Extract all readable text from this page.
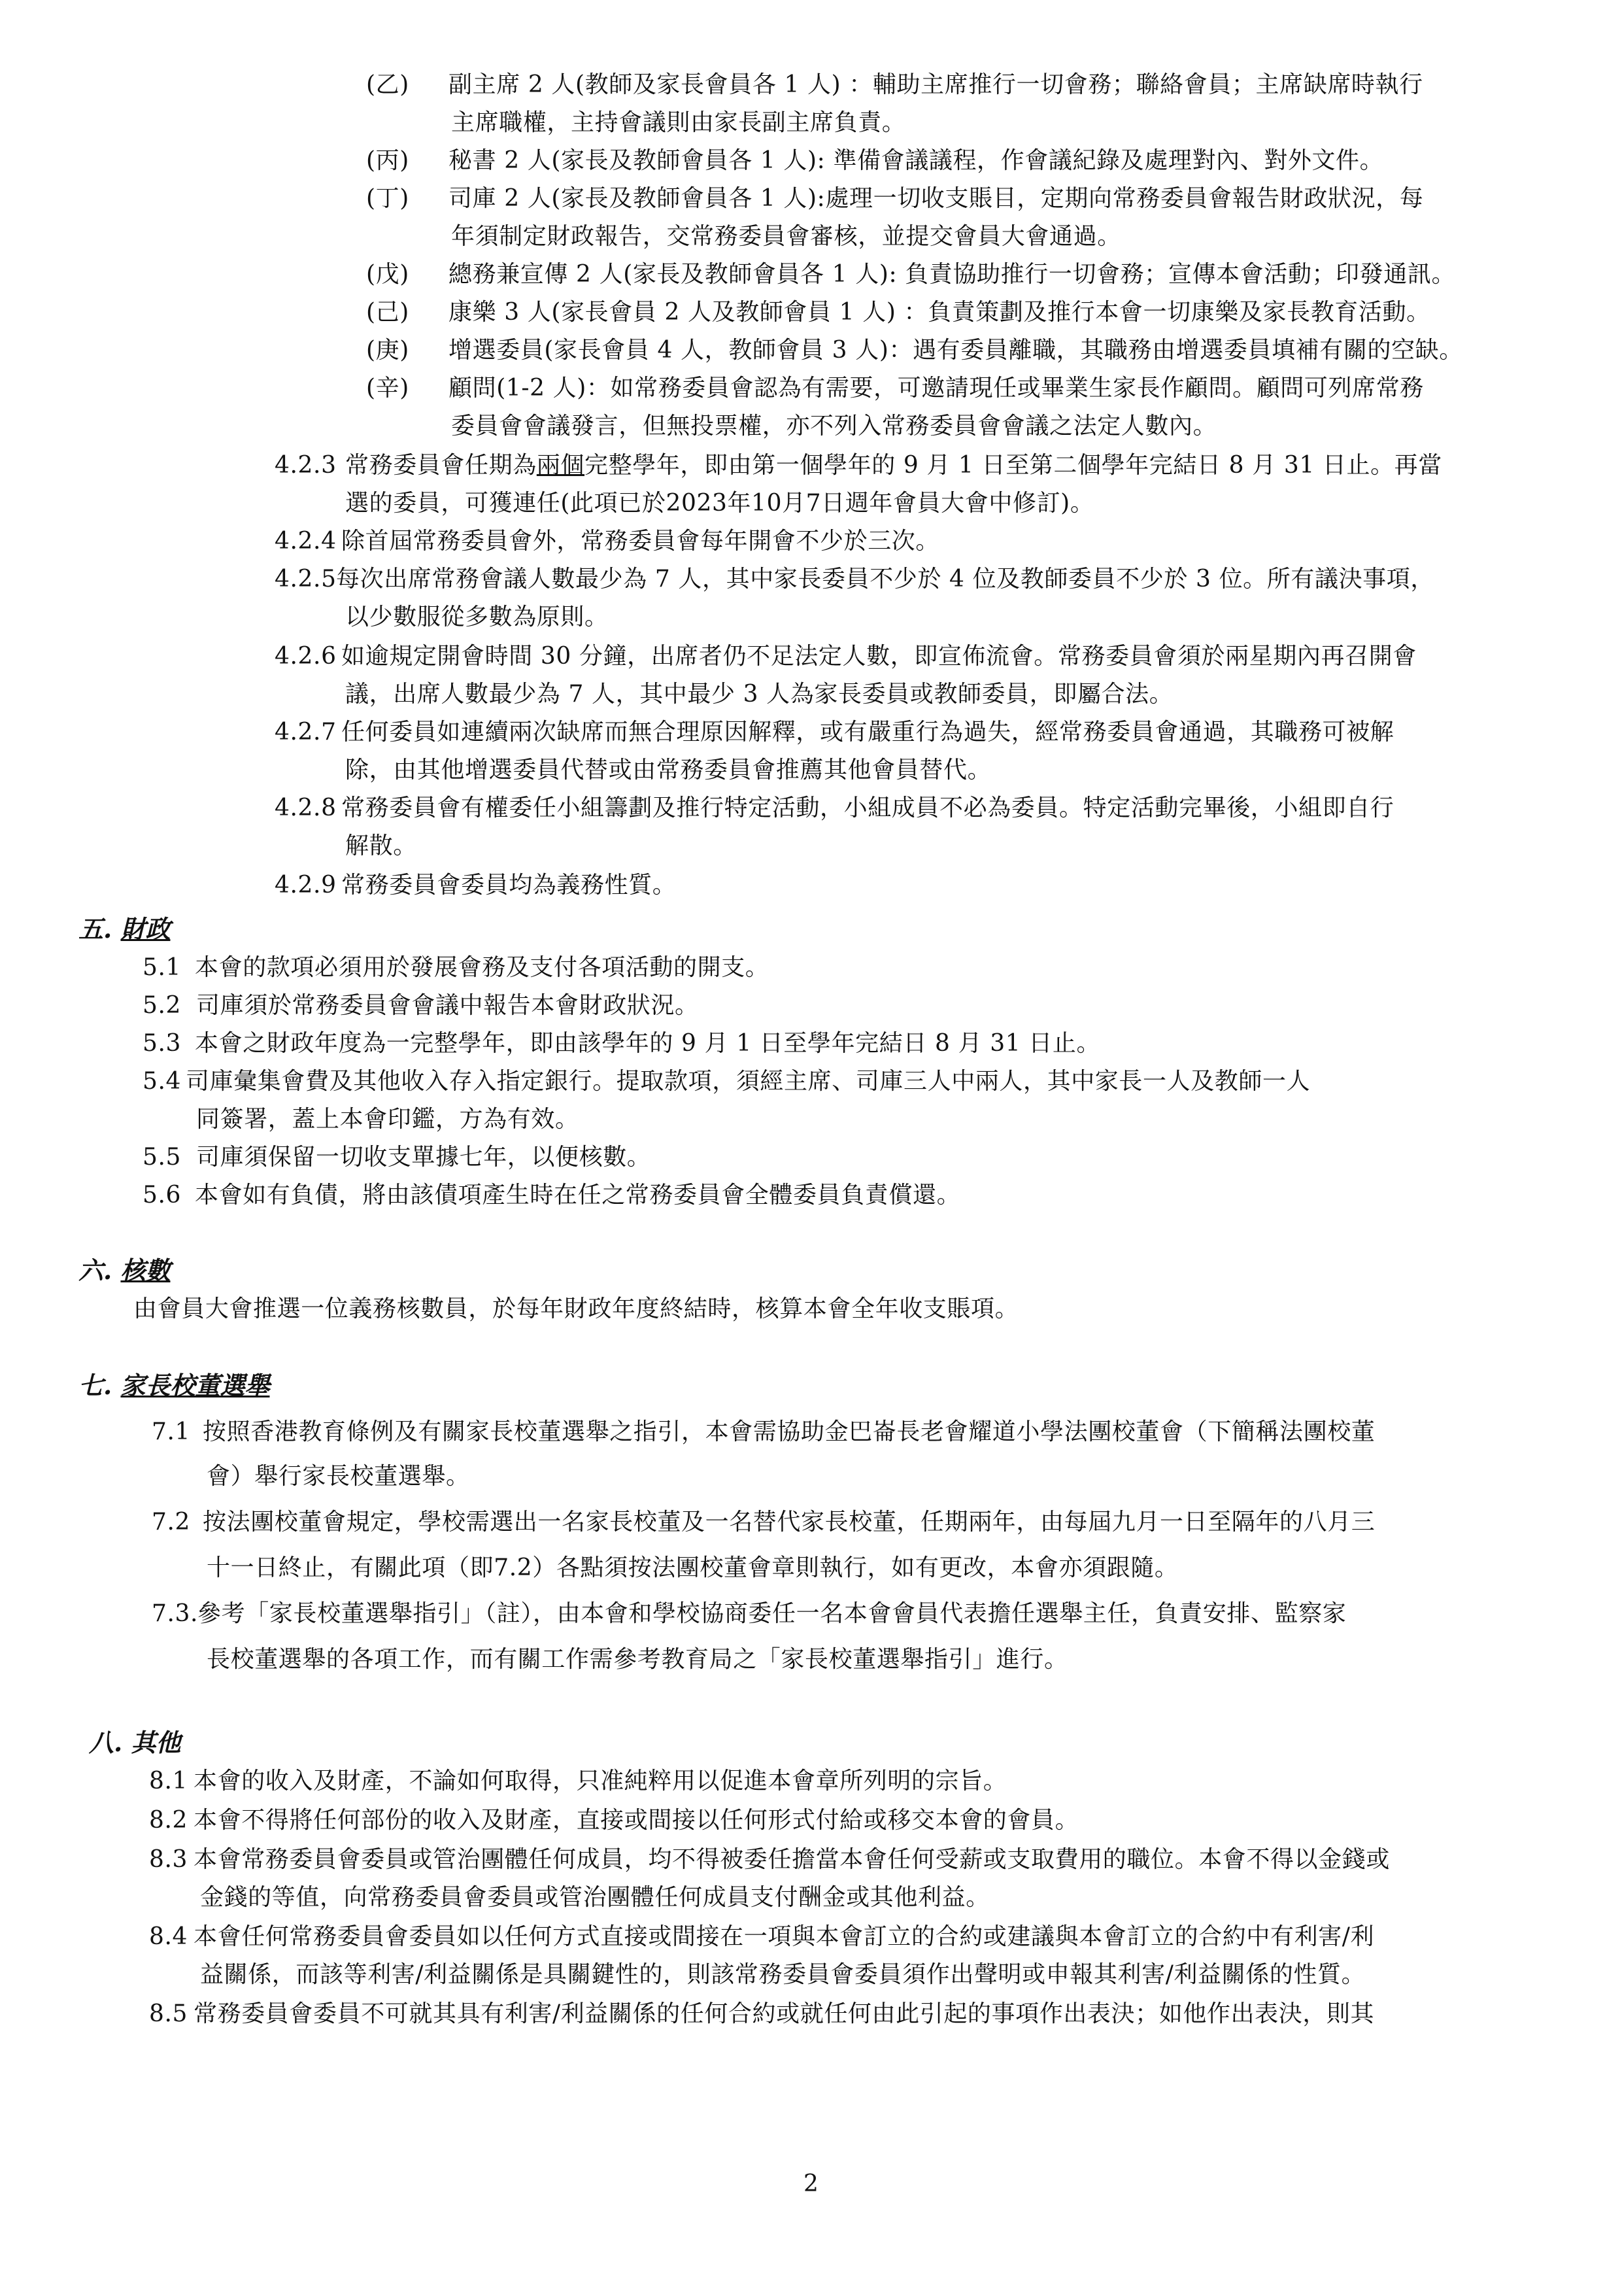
(乙) 副主席 2 人(教師及家長會員各 1 人) ：輔助主席推行一切會務；聯絡會員；主席缺席時執行
主席職權，主持會議則由家長副主席負責。
(丙) 秘書 2 人(家長及教師會員各 1 人): 準備會議議程，作會議紀錄及處理對內、對外文件。
(丁) 司庫 2 人(家長及教師會員各 1 人):處理一切收支賬目，定期向常務委員會報告財政狀況，每
年須制定財政報告，交常務委員會審核，並提交會員大會通過。
(戊) 總務兼宣傳 2 人(家長及教師會員各 1 人): 負責協助推行一切會務；宣傳本會活動；印發通訊。
(己) 康樂 3 人(家長會員 2 人及教師會員 1 人) ：負責策劃及推行本會一切康樂及家長教育活動。
(庚) 增選委員(家長會員 4 人，教師會員 3 人)：遇有委員離職，其職務由增選委員填補有關的空缺。
(辛) 顧問(1-2 人)：如常務委員會認為有需要，可邀請現任或畢業生家長作顧問。顧問可列席常務
委員會會議發言，但無投票權，亦不列入常務委員會會議之法定人數內。
4.2.3 常務委員會任期為兩個完整學年，即由第一個學年的 9 月 1 日至第二個學年完結日 8 月 31 日止。再當
選的委員，可獲連任(此項已於2023年10月7日週年會員大會中修訂)。
4.2.4 除首屆常務委員會外，常務委員會每年開會不少於三次。
4.2.5 每次出席常務會議人數最少為 7 人，其中家長委員不少於 4 位及教師委員不少於 3 位。所有議決事項，
以少數服從多數為原則。
4.2.6 如逾規定開會時間 30 分鐘，出席者仍不足法定人數，即宣佈流會。常務委員會須於兩星期內再召開會
議，出席人數最少為 7 人，其中最少 3 人為家長委員或教師委員，即屬合法。
4.2.7 任何委員如連續兩次缺席而無合理原因解釋，或有嚴重行為過失，經常務委員會通過，其職務可被解
除，由其他增選委員代替或由常務委員會推薦其他會員替代。
4.2.8 常務委員會有權委任小組籌劃及推行特定活動，小組成員不必為委員。特定活動完畢後，小組即自行
解散。
4.2.9 常務委員會委員均為義務性質。
五. 財政
5.1 本會的款項必須用於發展會務及支付各項活動的開支。
5.2 司庫須於常務委員會會議中報告本會財政狀況。
5.3 本會之財政年度為一完整學年，即由該學年的 9 月 1 日至學年完結日 8 月 31 日止。
5.4 司庫彙集會費及其他收入存入指定銀行。提取款項，須經主席、司庫三人中兩人，其中家長一人及教師一人
同簽署，蓋上本會印鑑，方為有效。
5.5 司庫須保留一切收支單據七年，以便核數。
5.6 本會如有負債，將由該債項產生時在任之常務委員會全體委員負責償還。
六. 核數
由會員大會推選一位義務核數員，於每年財政年度終結時，核算本會全年收支賬項。
七. 家長校董選舉
7.1 按照香港教育條例及有關家長校董選舉之指引，本會需協助金巴崙長老會耀道小學法團校董會（下簡稱法團校董
會）舉行家長校董選舉。
7.2 按法團校董會規定，學校需選出一名家長校董及一名替代家長校董，任期兩年，由每屆九月一日至隔年的八月三
十一日終止，有關此項（即7.2）各點須按法團校董會章則執行，如有更改，本會亦須跟隨。
7.3.
參考「家長校董選舉指引」（註），由本會和學校協商委任一名本會會員代表擔任選舉主任，負責安排、監察家
長校董選舉的各項工作，而有關工作需參考教育局之「家長校董選舉指引」進行。
八. 其他
8.1 本會的收入及財產，不論如何取得，只准純粹用以促進本會章所列明的宗旨。
8.2 本會不得將任何部份的收入及財產，直接或間接以任何形式付給或移交本會的會員。
8.3 本會常務委員會委員或管治團體任何成員，均不得被委任擔當本會任何受薪或支取費用的職位。本會不得以金錢或
金錢的等值，向常務委員會委員或管治團體任何成員支付酬金或其他利益。
8.4 本會任何常務委員會委員如以任何方式直接或間接在一項與本會訂立的合約或建議與本會訂立的合約中有利害/利
益關係，而該等利害/利益關係是具關鍵性的，則該常務委員會委員須作出聲明或申報其利害/利益關係的性質。
8.5 常務委員會委員不可就其具有利害/利益關係的任何合約或就任何由此引起的事項作出表決；如他作出表決，則其
2
